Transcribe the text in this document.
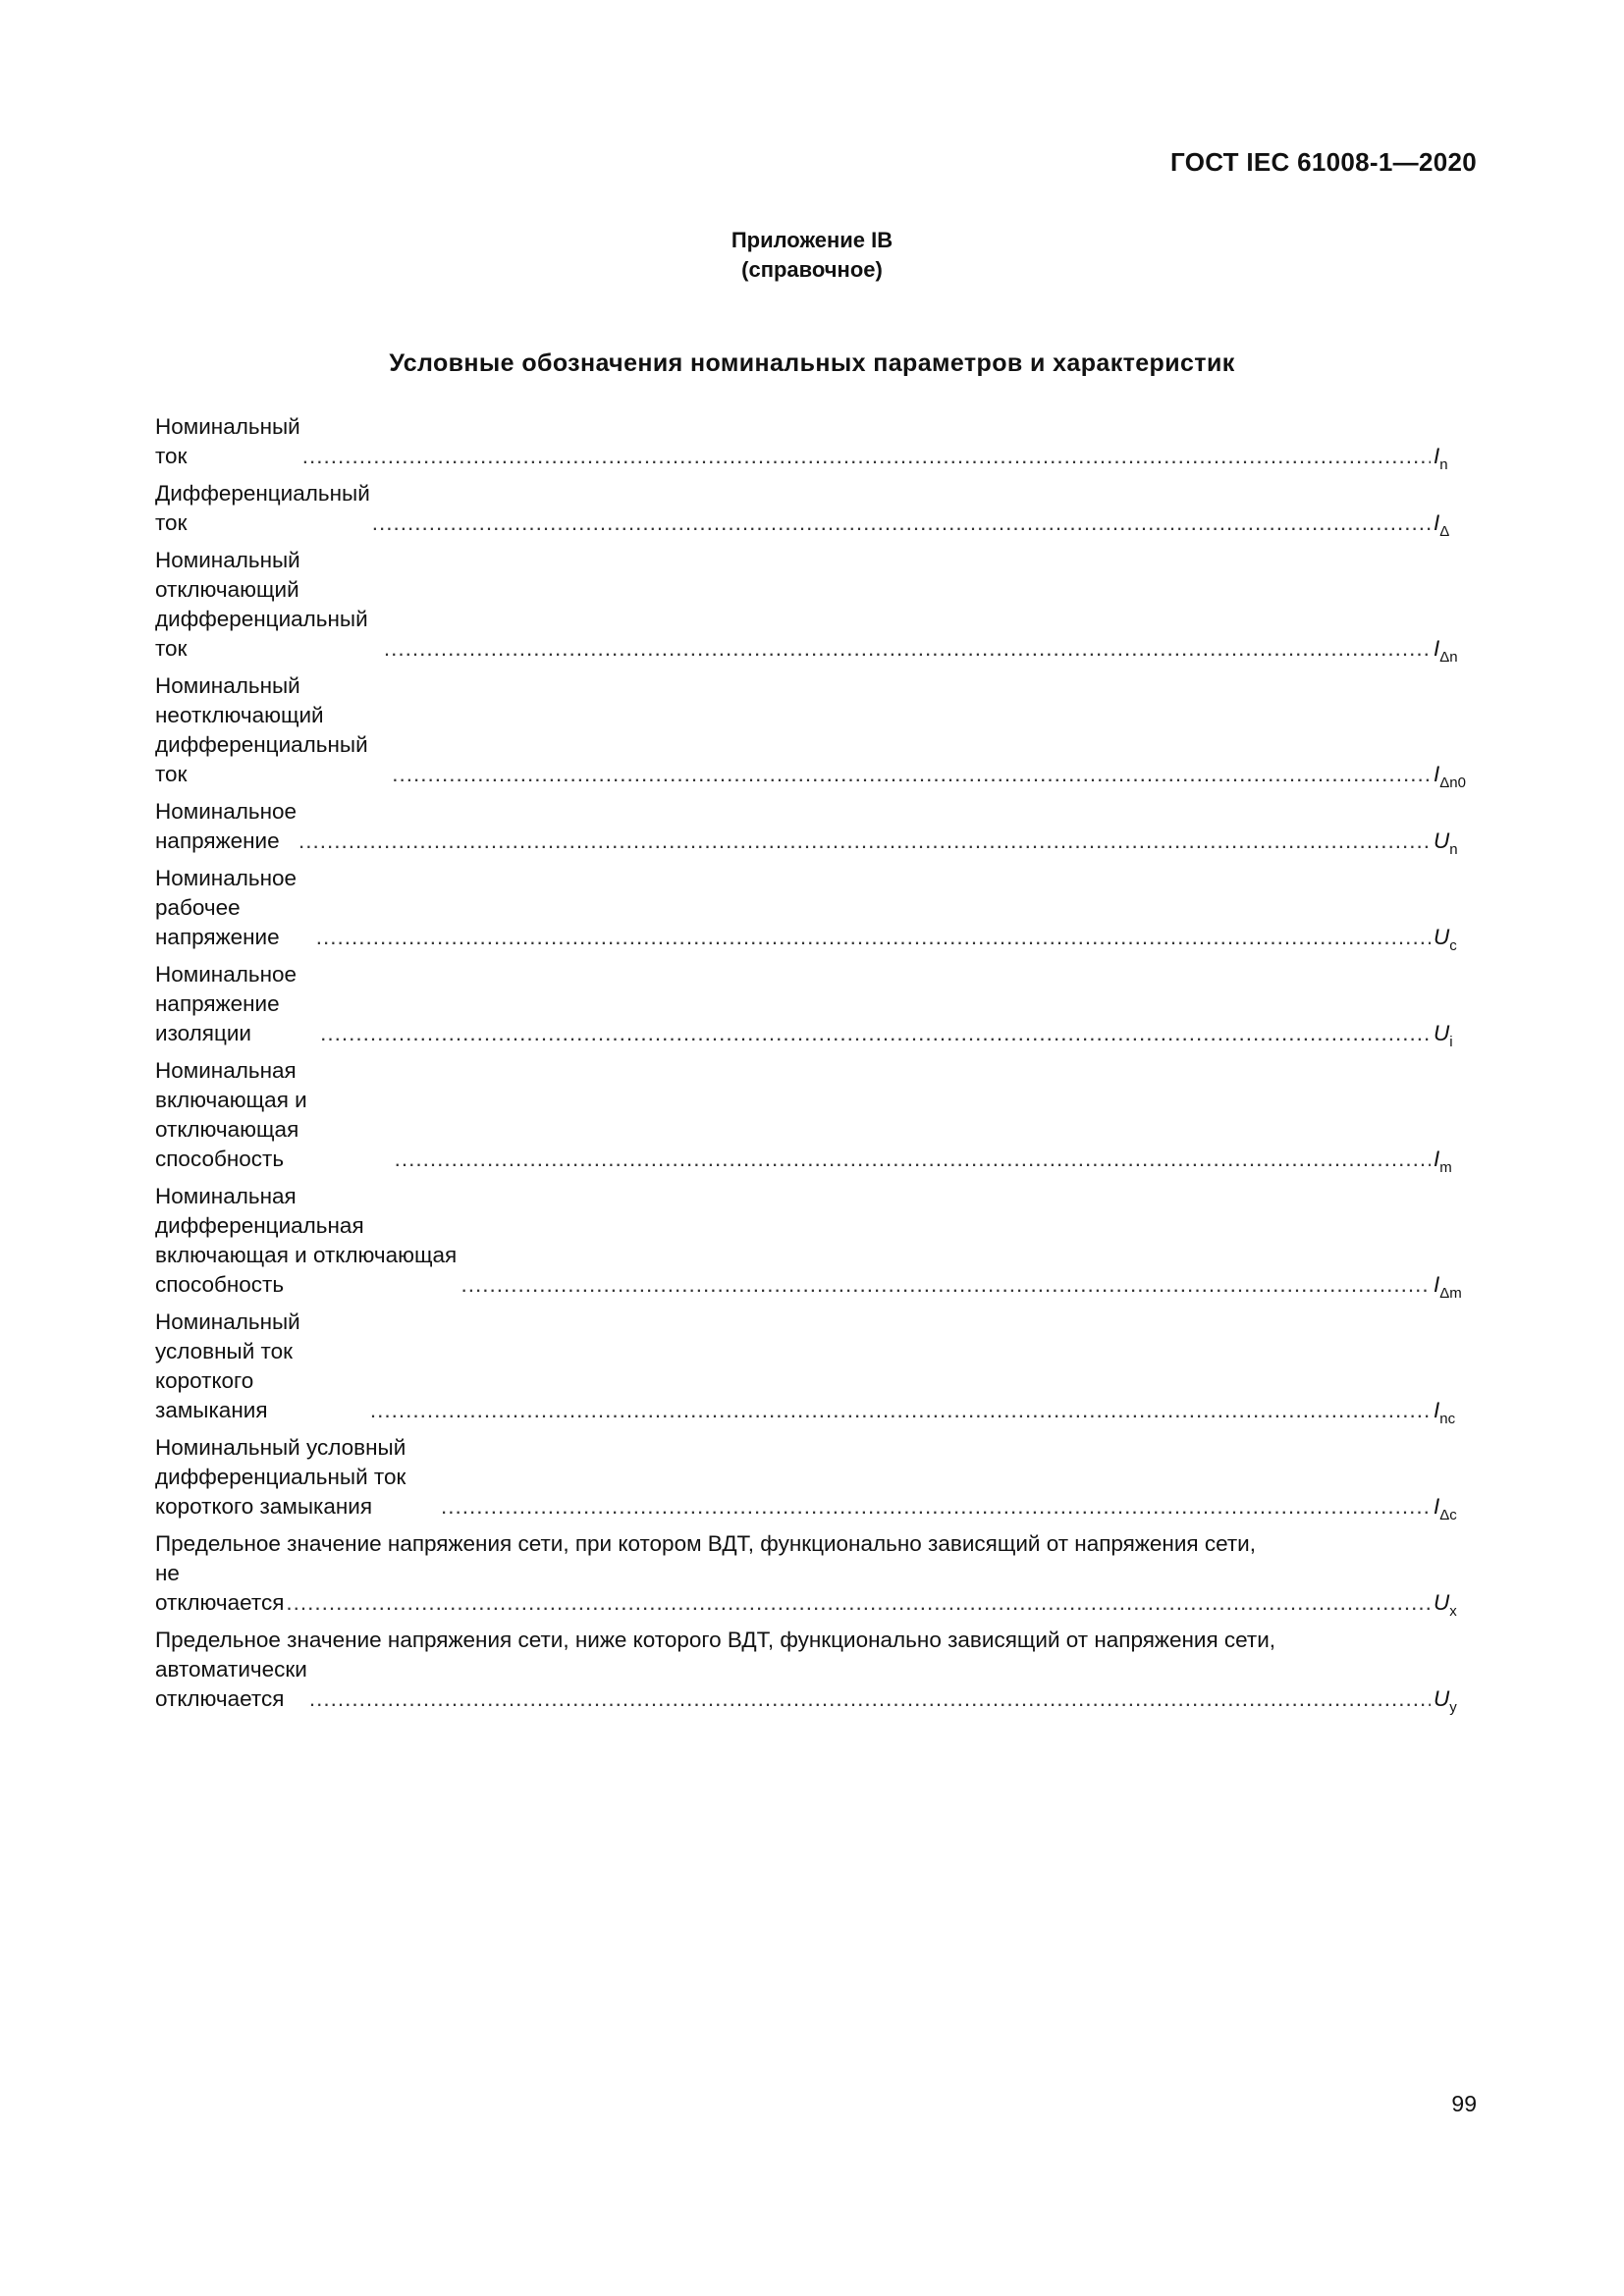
ГОСТ IEC 61008-1—2020
Приложение IB
(справочное)
Условные обозначения номинальных параметров и характеристик
Номинальный ток .....	$I_n$
Дифференциальный ток .....	$I_\Delta$
Номинальный отключающий дифференциальный ток .....	$I_{\Delta n}$
Номинальный неотключающий дифференциальный ток .....	$I_{\Delta n0}$
Номинальное напряжение .....	$U_n$
Номинальное рабочее напряжение .....	$U_c$
Номинальное напряжение изоляции .....	$U_i$
Номинальная включающая и отключающая способность .....	$I_m$
Номинальная дифференциальная включающая и отключающая способность .....	$I_{\Delta m}$
Номинальный условный ток короткого замыкания .....	$I_{nc}$
Номинальный условный дифференциальный ток короткого замыкания .....	$I_{\Delta c}$
Предельное значение напряжения сети, при котором ВДТ, функционально зависящий от напряжения сети,
не отключается .....	$U_x$
Предельное значение напряжения сети, ниже которого ВДТ, функционально зависящий от напряжения сети,
автоматически отключается .....	$U_y$
99
